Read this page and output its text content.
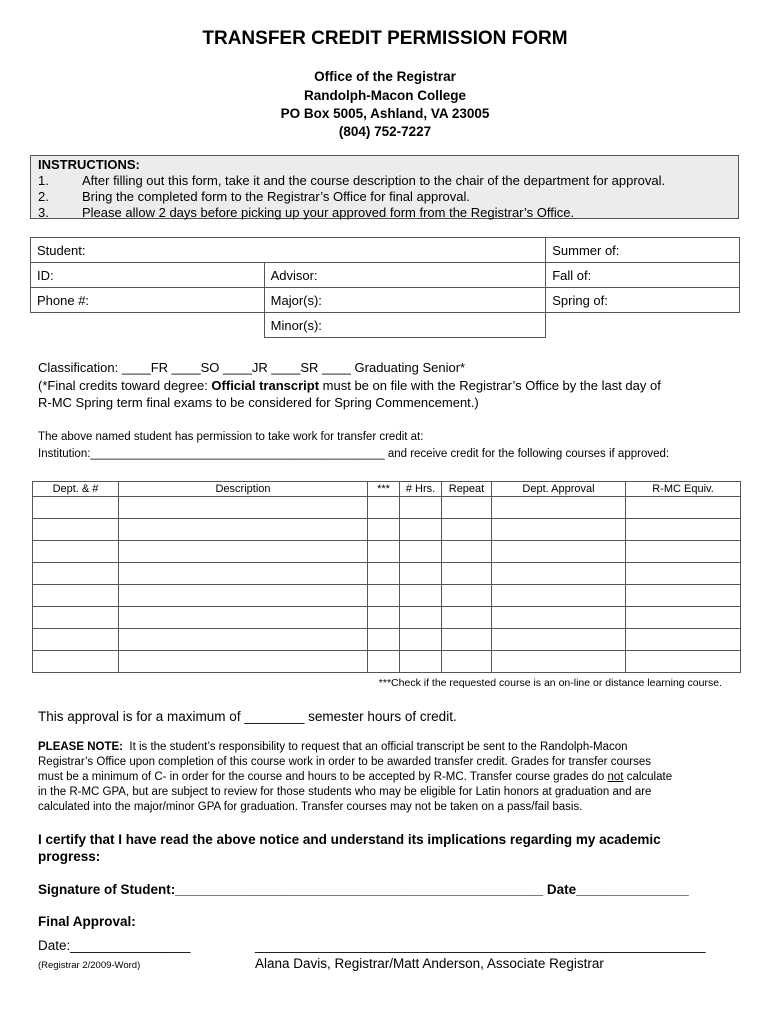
TRANSFER CREDIT PERMISSION FORM
Office of the Registrar
Randolph-Macon College
PO Box 5005, Ashland, VA 23005
(804) 752-7227
INSTRUCTIONS:
1.	After filling out this form, take it and the course description to the chair of the department for approval.
2.	Bring the completed form to the Registrar’s Office for final approval.
3.	Please allow 2 days before picking up your approved form from the Registrar’s Office.
Student:		Summer of:
ID:	Advisor:	Fall of:
Phone #:	Major(s):	Spring of:
	Minor(s):	
Classification: ____FR ____SO ____JR ____SR ____ Graduating Senior*
(*Final credits toward degree: Official transcript must be on file with the Registrar’s Office by the last day of
R-MC Spring term final exams to be considered for Spring Commencement.)
The above named student has permission to take work for transfer credit at:
Institution:______________________________________________ and receive credit for the following courses if approved:
Dept. & #	Description	***	# Hrs.	Repeat	Dept. Approval	R-MC Equiv.

***Check if the requested course is an on-line or distance learning course.
This approval is for a maximum of ________ semester hours of credit.
PLEASE NOTE: It is the student’s responsibility to request that an official transcript be sent to the Randolph-Macon
Registrar’s Office upon completion of this course work in order to be awarded transfer credit. Grades for transfer courses
must be a minimum of C- in order for the course and hours to be accepted by R-MC. Transfer course grades do not calculate
in the R-MC GPA, but are subject to review for those students who may be eligible for Latin honors at graduation and are
calculated into the major/minor GPA for graduation. Transfer courses may not be taken on a pass/fail basis.
I certify that I have read the above notice and understand its implications regarding my academic
progress:
Signature of Student:_________________________________________________ Date_______________
Final Approval:
Date:________________	____________________________________________________________
(Registrar 2/2009-Word)	Alana Davis, Registrar/Matt Anderson, Associate Registrar
